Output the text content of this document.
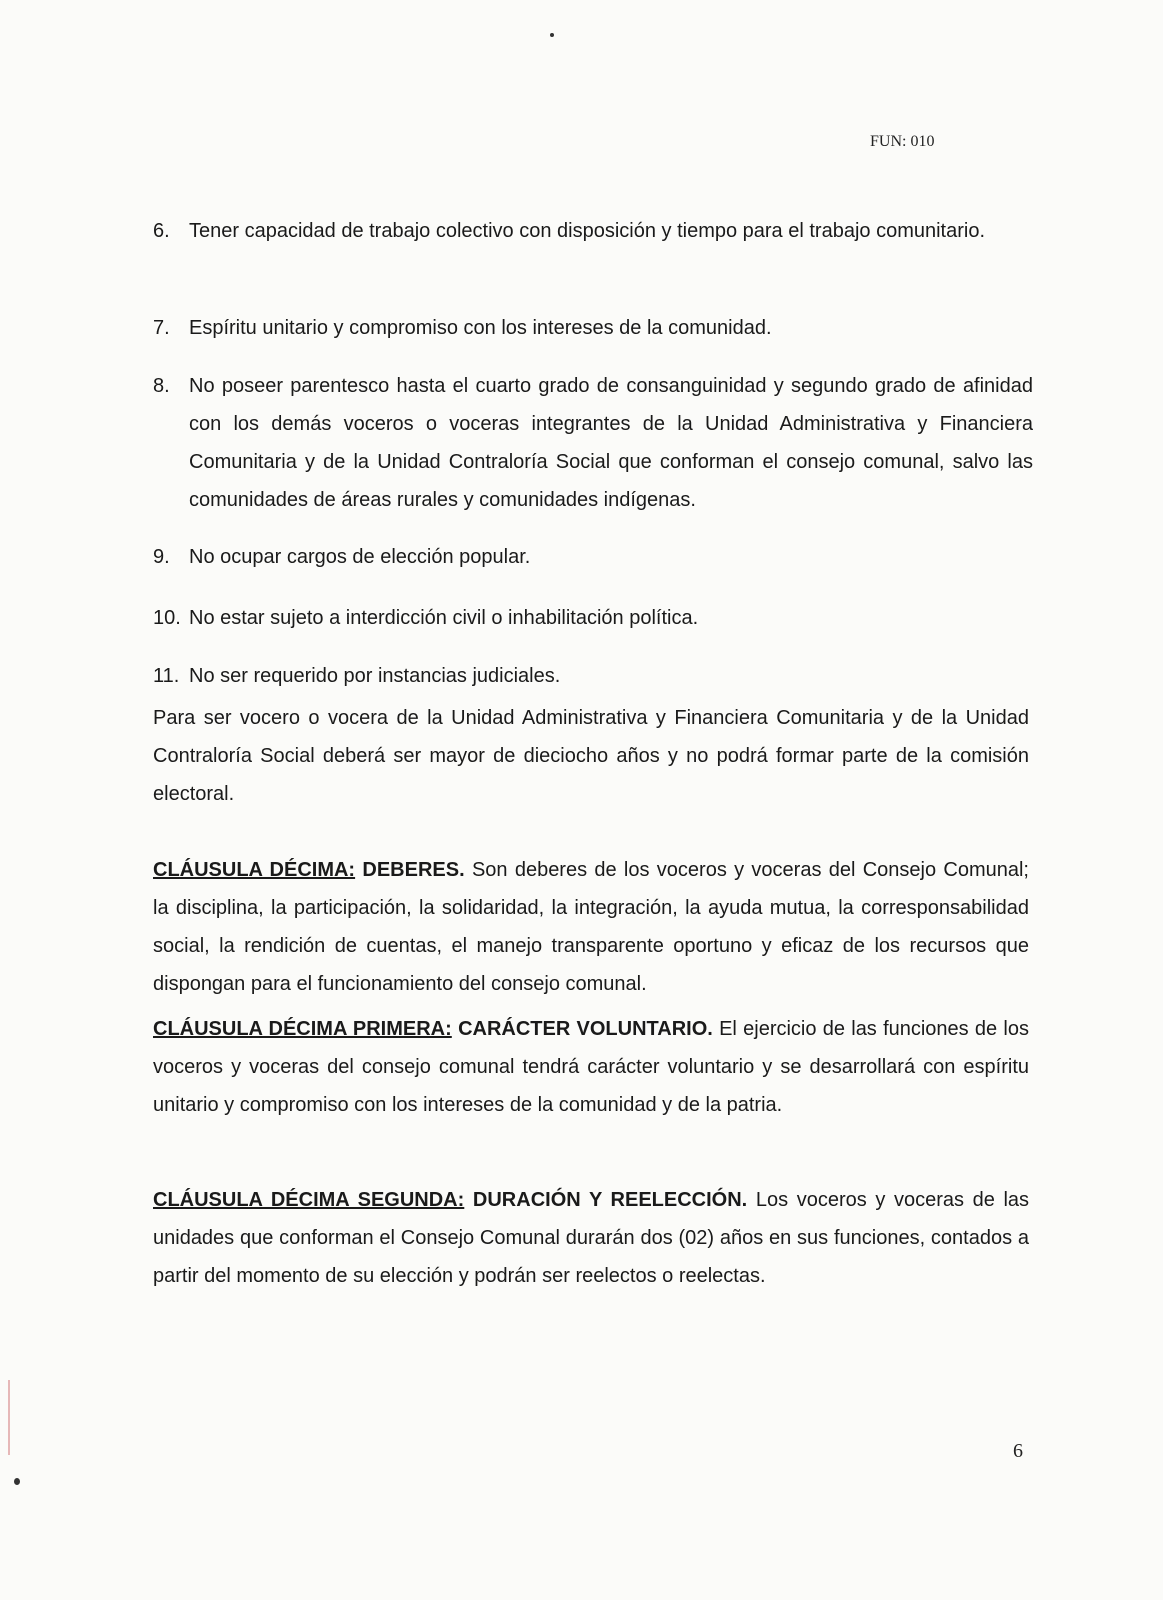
FUN: 010
6. Tener capacidad de trabajo colectivo con disposición y tiempo para el trabajo comunitario.
7. Espíritu unitario y compromiso con los intereses de la comunidad.
8. No poseer parentesco hasta el cuarto grado de consanguinidad y segundo grado de afinidad con los demás voceros o voceras integrantes de la Unidad Administrativa y Financiera Comunitaria y de la Unidad Contraloría Social que conforman el consejo comunal, salvo las comunidades de áreas rurales y comunidades indígenas.
9. No ocupar cargos de elección popular.
10. No estar sujeto a interdicción civil o inhabilitación política.
11. No ser requerido por instancias judiciales.

Para ser vocero o vocera de la Unidad Administrativa y Financiera Comunitaria y de la Unidad Contraloría Social deberá ser mayor de dieciocho años y no podrá formar parte de la comisión electoral.

CLÁUSULA DÉCIMA: DEBERES. Son deberes de los voceros y voceras del Consejo Comunal; la disciplina, la participación, la solidaridad, la integración, la ayuda mutua, la corresponsabilidad social, la rendición de cuentas, el manejo transparente oportuno y eficaz de los recursos que dispongan para el funcionamiento del consejo comunal.

CLÁUSULA DÉCIMA PRIMERA: CARÁCTER VOLUNTARIO. El ejercicio de las funciones de los voceros y voceras del consejo comunal tendrá carácter voluntario y se desarrollará con espíritu unitario y compromiso con los intereses de la comunidad y de la patria.

CLÁUSULA DÉCIMA SEGUNDA: DURACIÓN Y REELECCIÓN. Los voceros y voceras de las unidades que conforman el Consejo Comunal durarán dos (02) años en sus funciones, contados a partir del momento de su elección y podrán ser reelectos o reelectas.

6
